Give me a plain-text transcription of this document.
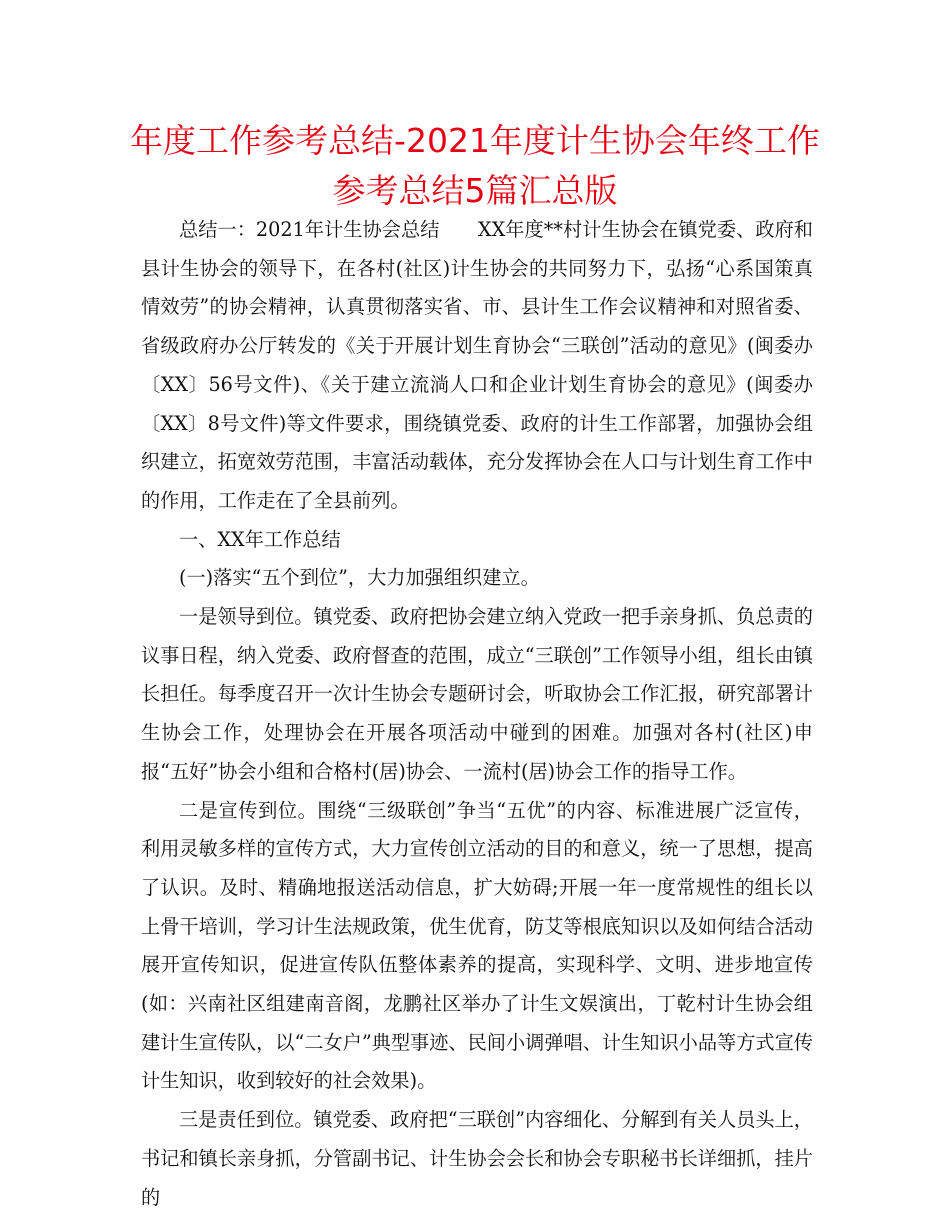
年度工作参考总结-2021年度计生协会年终工作
参考总结5篇汇总版

总结一：2021年计生协会总结　　XX年度**村计生协会在镇党委、政府和县计生协会的领导下，在各村(社区)计生协会的共同努力下，弘扬“心系国策真情效劳”的协会精神，认真贯彻落实省、市、县计生工作会议精神和对照省委、省级政府办公厅转发的《关于开展计划生育协会“三联创”活动的意见》(闽委办〔XX〕56号文件)、《关于建立流淌人口和企业计划生育协会的意见》(闽委办〔XX〕8号文件)等文件要求，围绕镇党委、政府的计生工作部署，加强协会组织建立，拓宽效劳范围，丰富活动载体，充分发挥协会在人口与计划生育工作中的作用，工作走在了全县前列。

一、XX年工作总结

(一)落实“五个到位”，大力加强组织建立。

一是领导到位。镇党委、政府把协会建立纳入党政一把手亲身抓、负总责的议事日程，纳入党委、政府督查的范围，成立“三联创”工作领导小组，组长由镇长担任。每季度召开一次计生协会专题研讨会，听取协会工作汇报，研究部署计生协会工作，处理协会在开展各项活动中碰到的困难。加强对各村(社区)申报“五好”协会小组和合格村(居)协会、一流村(居)协会工作的指导工作。

二是宣传到位。围绕“三级联创”争当“五优”的内容、标准进展广泛宣传，利用灵敏多样的宣传方式，大力宣传创立活动的目的和意义，统一了思想，提高了认识。及时、精确地报送活动信息，扩大妨碍;开展一年一度常规性的组长以上骨干培训，学习计生法规政策，优生优育，防艾等根底知识以及如何结合活动展开宣传知识，促进宣传队伍整体素养的提高，实现科学、文明、进步地宣传(如：兴南社区组建南音阁，龙鹏社区举办了计生文娱演出，丁乾村计生协会组建计生宣传队，以“二女户”典型事迹、民间小调弹唱、计生知识小品等方式宣传计生知识，收到较好的社会效果)。

三是责任到位。镇党委、政府把“三联创”内容细化、分解到有关人员头上，书记和镇长亲身抓，分管副书记、计生协会会长和协会专职秘书长详细抓，挂片的
